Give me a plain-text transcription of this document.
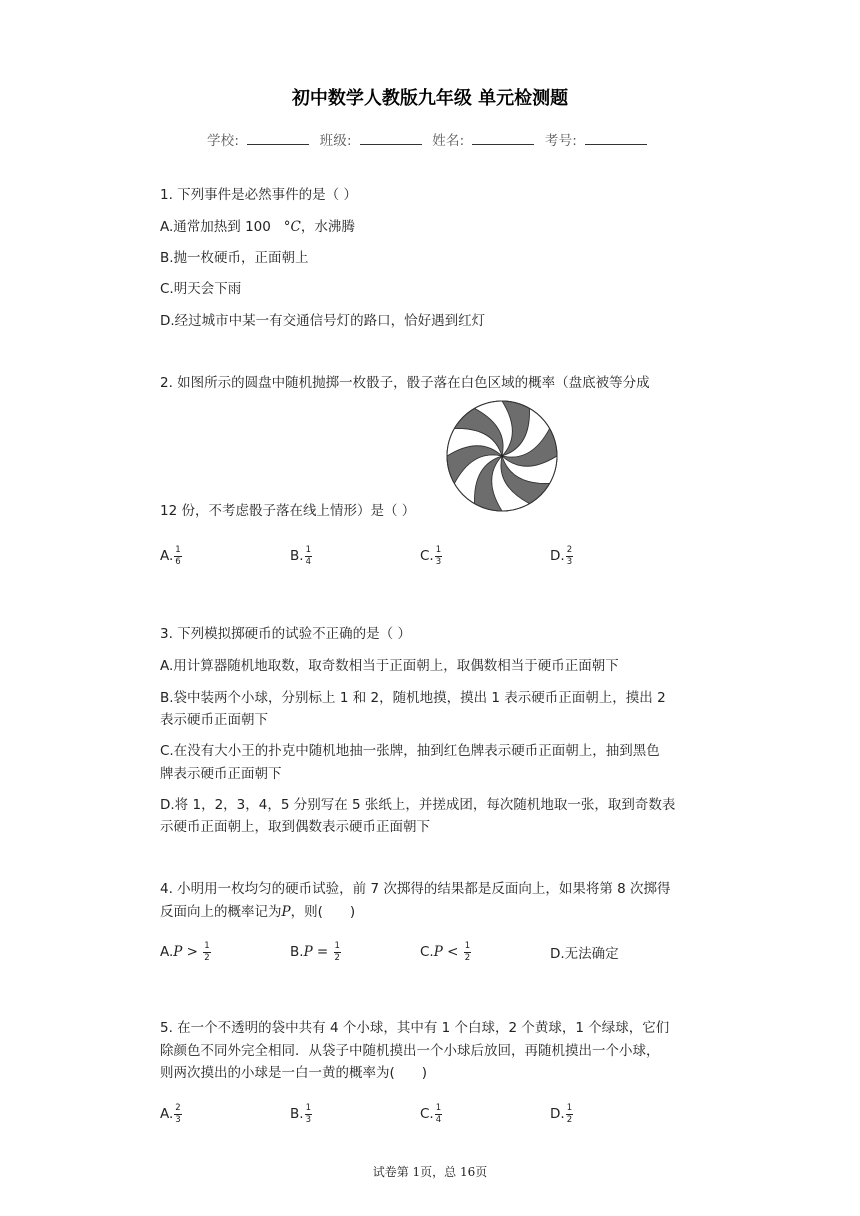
初中数学人教版九年级 单元检测题
学校:	班级:	姓名:	考号:
1. 下列事件是必然事件的是（ ）
A.通常加热到 100 °C，水沸腾
B.抛一枚硬币，正面朝上
C.明天会下雨
D.经过城市中某一有交通信号灯的路口，恰好遇到红灯
2. 如图所示的圆盘中随机抛掷一枚骰子，骰子落在白色区域的概率（盘底被等分成
12 份，不考虑骰子落在线上情形）是（ ）
A. $\frac{1}{6}$	B. $\frac{1}{4}$	C. $\frac{1}{3}$	D. $\frac{2}{3}$
3. 下列模拟掷硬币的试验不正确的是（ ）
A.用计算器随机地取数，取奇数相当于正面朝上，取偶数相当于硬币正面朝下
B.袋中装两个小球，分别标上 1 和 2，随机地摸，摸出 1 表示硬币正面朝上，摸出 2
表示硬币正面朝下
C.在没有大小王的扑克中随机地抽一张牌，抽到红色牌表示硬币正面朝上，抽到黑色
牌表示硬币正面朝下
D.将 1，2，3，4，5 分别写在 5 张纸上，并搓成团，每次随机地取一张，取到奇数表
示硬币正面朝上，取到偶数表示硬币正面朝下
4. 小明用一枚均匀的硬币试验，前 7 次掷得的结果都是反面向上，如果将第 8 次掷得
反面向上的概率记为P，则(　　)
$A.P > \frac{1}{2}$	$B.P = \frac{1}{2}$	$C.P < \frac{1}{2}$	D.无法确定
5. 在一个不透明的袋中共有 4 个小球，其中有 1 个白球，2 个黄球，1 个绿球，它们
除颜色不同外完全相同．从袋子中随机摸出一个小球后放回，再随机摸出一个小球，
则两次摸出的小球是一白一黄的概率为(　　)
A. $\frac{2}{3}$	B. $\frac{1}{3}$	C. $\frac{1}{4}$	D. $\frac{1}{2}$
试卷第 1页，总 16页
